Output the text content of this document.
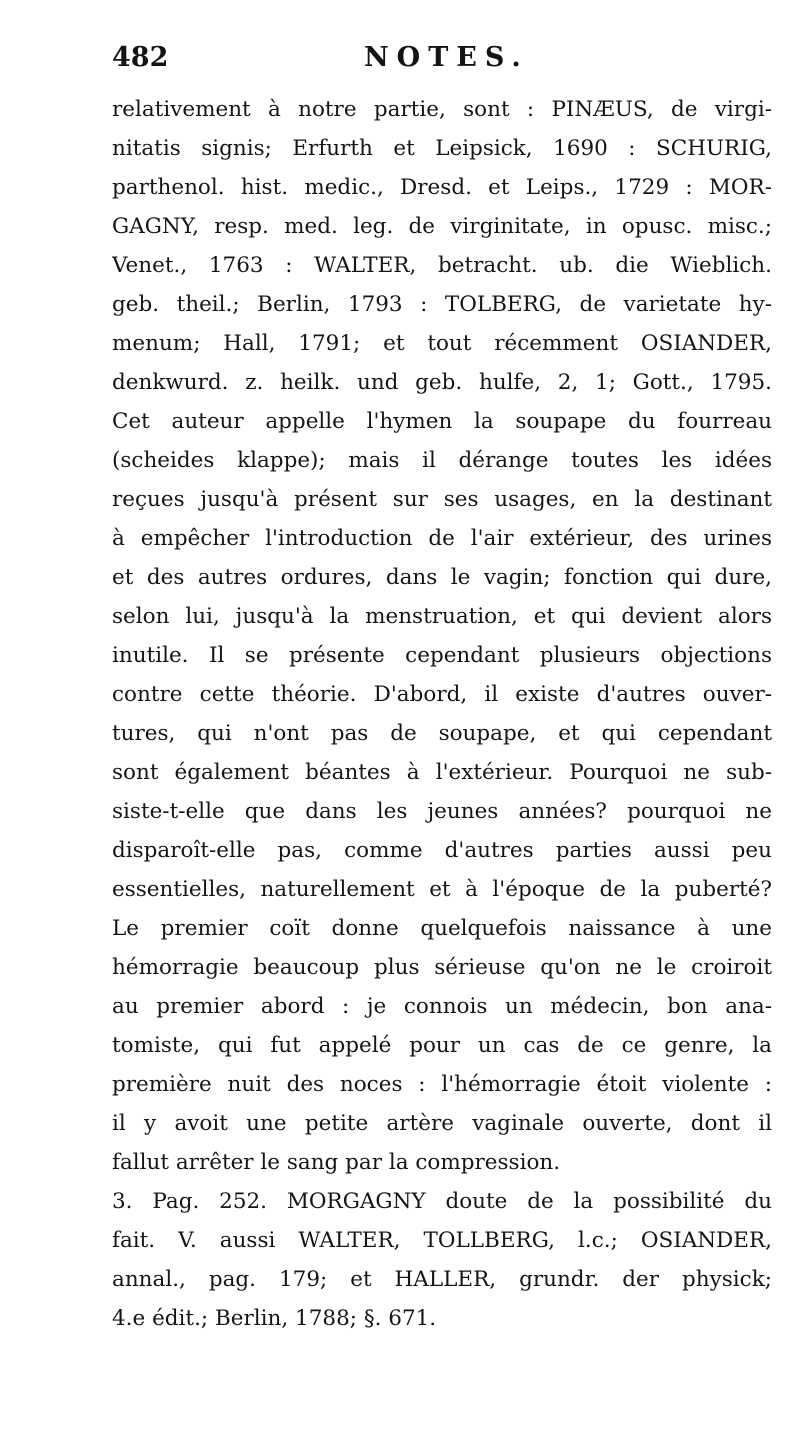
482	NOTES.
relativement à notre partie, sont : PINÆUS, de virgi-
nitatis signis; Erfurth et Leipsick, 1690 : SCHURIG,
parthenol. hist. medic., Dresd. et Leips., 1729 : MOR-
GAGNY, resp. med. leg. de virginitate, in opusc. misc.;
Venet., 1763 : WALTER, betracht. ub. die Wieblich.
geb. theil.; Berlin, 1793 : TOLBERG, de varietate hy-
menum; Hall, 1791; et tout récemment OSIANDER,
denkwurd. z. heilk. und geb. hulfe, 2, 1; Gott., 1795.
Cet auteur appelle l'hymen la soupape du fourreau
(scheides klappe); mais il dérange toutes les idées
reçues jusqu'à présent sur ses usages, en la destinant
à empêcher l'introduction de l'air extérieur, des urines
et des autres ordures, dans le vagin; fonction qui dure,
selon lui, jusqu'à la menstruation, et qui devient alors
inutile. Il se présente cependant plusieurs objections
contre cette théorie. D'abord, il existe d'autres ouver-
tures, qui n'ont pas de soupape, et qui cependant
sont également béantes à l'extérieur. Pourquoi ne sub-
siste-t-elle que dans les jeunes années? pourquoi ne
disparoît-elle pas, comme d'autres parties aussi peu
essentielles, naturellement et à l'époque de la puberté?
Le premier coït donne quelquefois naissance à une
hémorragie beaucoup plus sérieuse qu'on ne le croiroit
au premier abord : je connois un médecin, bon ana-
tomiste, qui fut appelé pour un cas de ce genre, la
première nuit des noces : l'hémorragie étoit violente :
il y avoit une petite artère vaginale ouverte, dont il
fallut arrêter le sang par la compression.
3. Pag. 252. MORGAGNY doute de la possibilité du
fait. V. aussi WALTER, TOLLBERG, l.c.; OSIANDER,
annal., pag. 179; et HALLER, grundr. der physick;
4.e édit.; Berlin, 1788; §. 671.
